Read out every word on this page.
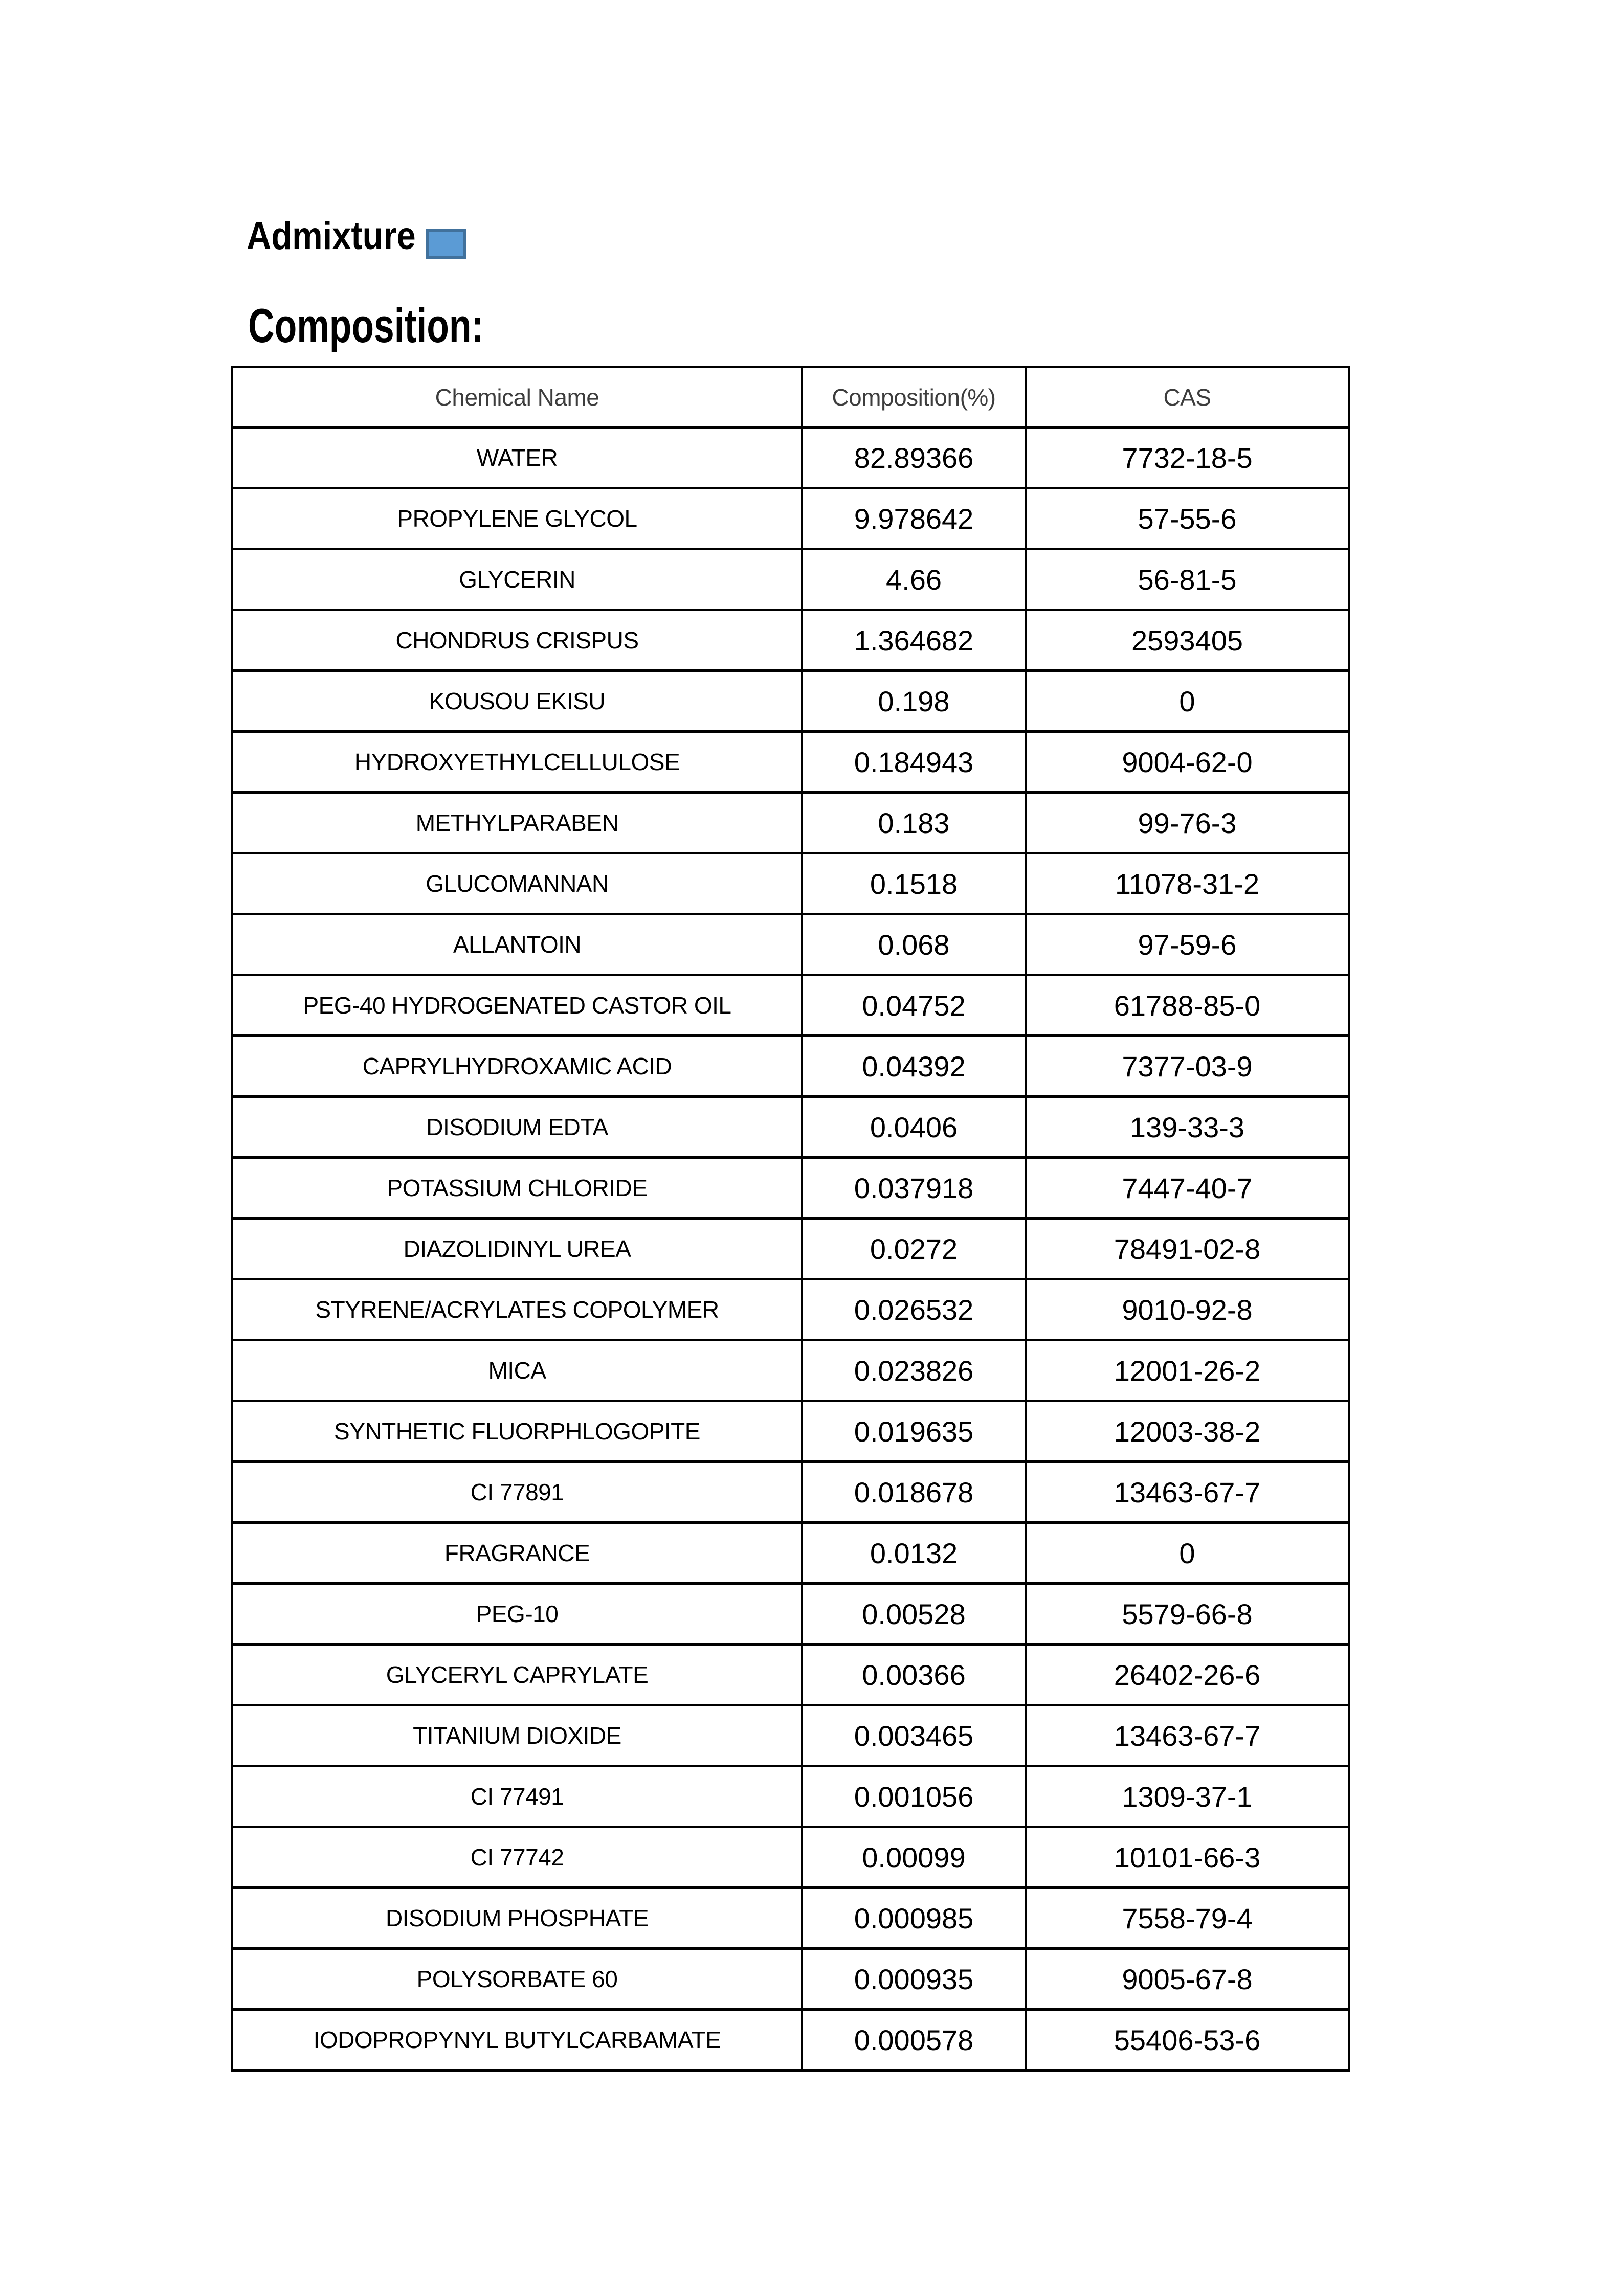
Admixture
Composition:
Chemical Name	Composition(%)	CAS
WATER	82.89366	7732-18-5
PROPYLENE GLYCOL	9.978642	57-55-6
GLYCERIN	4.66	56-81-5
CHONDRUS CRISPUS	1.364682	2593405
KOUSOU EKISU	0.198	0
HYDROXYETHYLCELLULOSE	0.184943	9004-62-0
METHYLPARABEN	0.183	99-76-3
GLUCOMANNAN	0.1518	11078-31-2
ALLANTOIN	0.068	97-59-6
PEG-40 HYDROGENATED CASTOR OIL	0.04752	61788-85-0
CAPRYLHYDROXAMIC ACID	0.04392	7377-03-9
DISODIUM EDTA	0.0406	139-33-3
POTASSIUM CHLORIDE	0.037918	7447-40-7
DIAZOLIDINYL UREA	0.0272	78491-02-8
STYRENE/ACRYLATES COPOLYMER	0.026532	9010-92-8
MICA	0.023826	12001-26-2
SYNTHETIC FLUORPHLOGOPITE	0.019635	12003-38-2
CI 77891	0.018678	13463-67-7
FRAGRANCE	0.0132	0
PEG-10	0.00528	5579-66-8
GLYCERYL CAPRYLATE	0.00366	26402-26-6
TITANIUM DIOXIDE	0.003465	13463-67-7
CI 77491	0.001056	1309-37-1
CI 77742	0.00099	10101-66-3
DISODIUM PHOSPHATE	0.000985	7558-79-4
POLYSORBATE 60	0.000935	9005-67-8
IODOPROPYNYL BUTYLCARBAMATE	0.000578	55406-53-6
